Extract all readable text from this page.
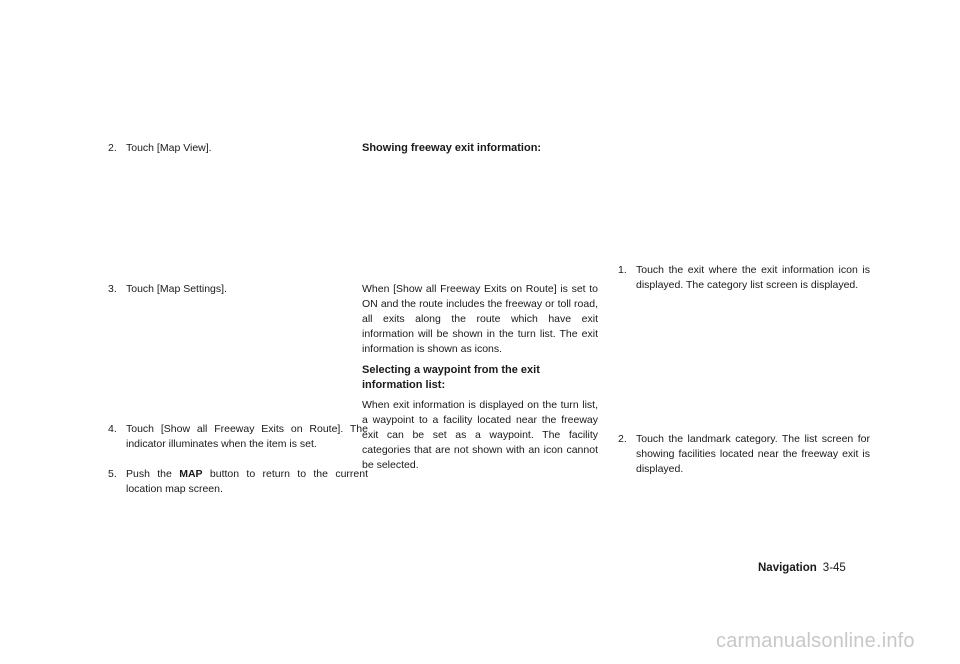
2. Touch [Map View].

3. Touch [Map Settings].

4. Touch [Show all Freeway Exits on Route]. The indicator illuminates when the item is set.

5. Push the MAP button to return to the current location map screen.

Showing freeway exit information:

When [Show all Freeway Exits on Route] is set to ON and the route includes the freeway or toll road, all exits along the route which have exit information will be shown in the turn list. The exit information is shown as icons.

Selecting a waypoint from the exit information list:

When exit information is displayed on the turn list, a waypoint to a facility located near the freeway exit can be set as a waypoint. The facility categories that are not shown with an icon cannot be selected.

1. Touch the exit where the exit information icon is displayed. The category list screen is displayed.

2. Touch the landmark category. The list screen for showing facilities located near the freeway exit is displayed.

Navigation 3-45
carmanualsonline.info
